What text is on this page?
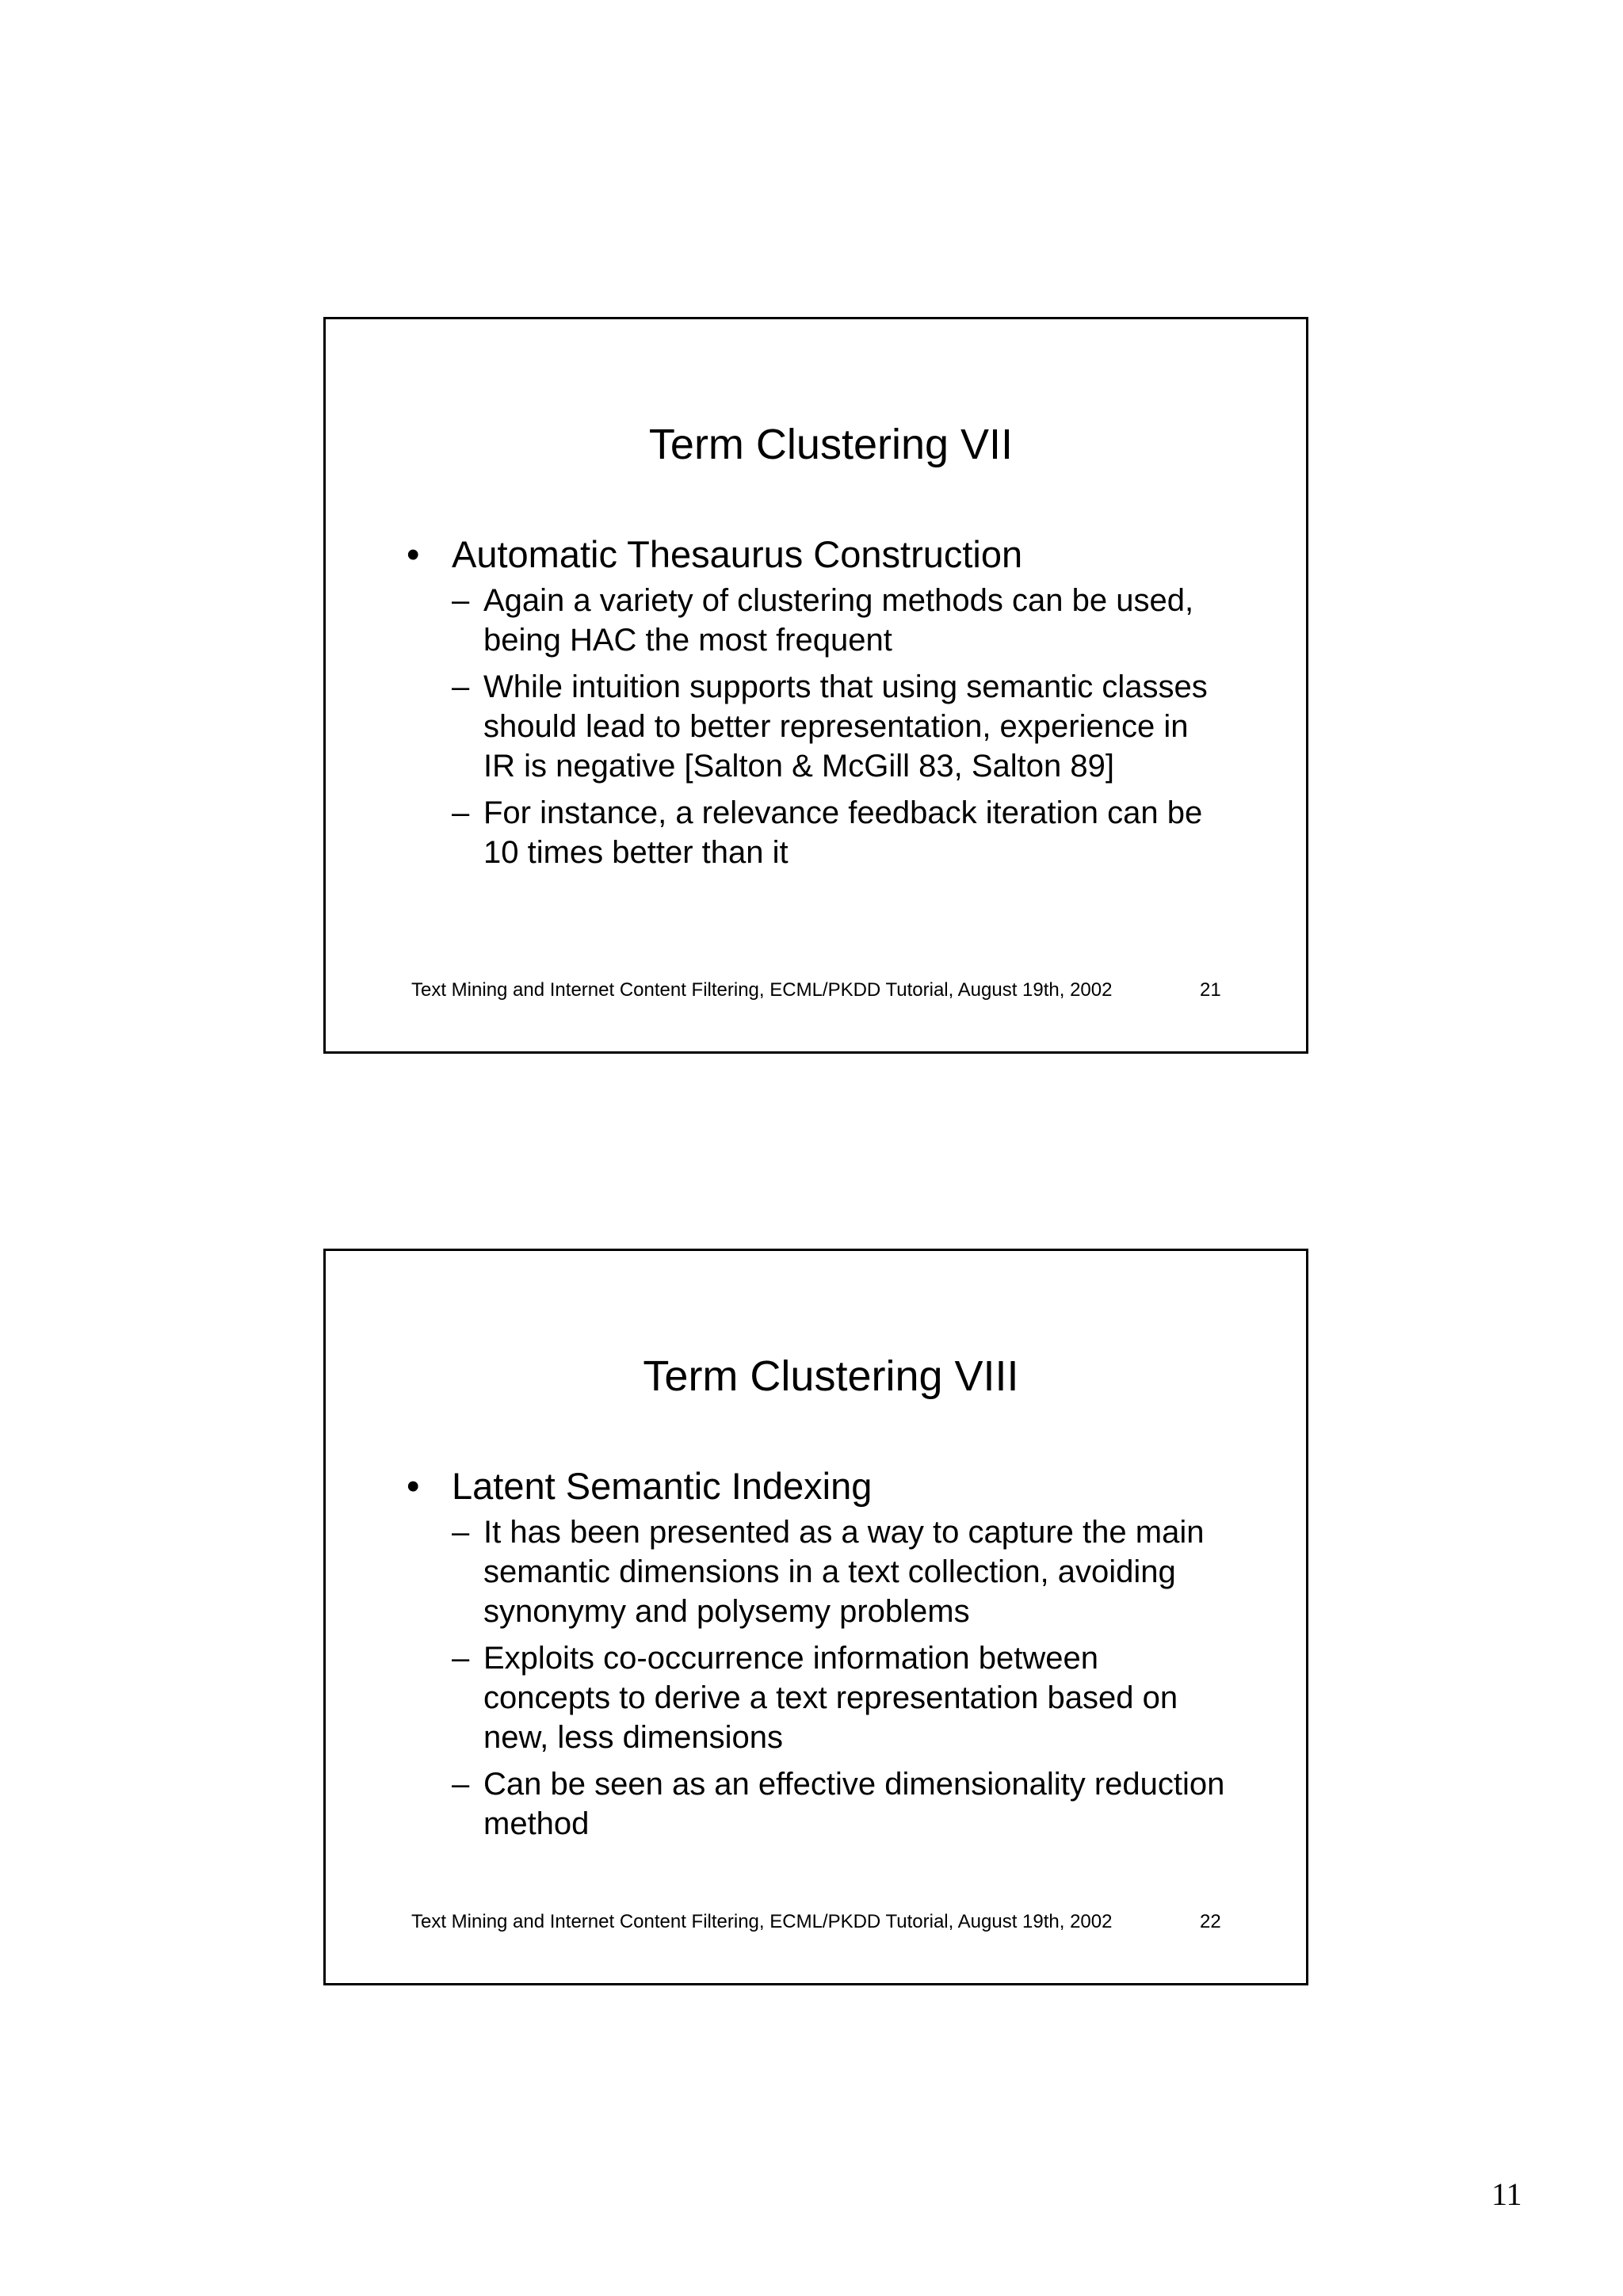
Term Clustering VII
• Automatic Thesaurus Construction
– Again a variety of clustering methods can be used, being HAC the most frequent
– While intuition supports that using semantic classes should lead to better representation, experience in IR is negative [Salton & McGill 83, Salton 89]
– For instance, a relevance feedback iteration can be 10 times better than it
Text Mining and Internet Content Filtering, ECML/PKDD Tutorial, August 19th, 2002	21
Term Clustering VIII
• Latent Semantic Indexing
– It has been presented as a way to capture the main semantic dimensions in a text collection, avoiding synonymy and polysemy problems
– Exploits co-occurrence information between concepts to derive a text representation based on new, less dimensions
– Can be seen as an effective dimensionality reduction method
Text Mining and Internet Content Filtering, ECML/PKDD Tutorial, August 19th, 2002	22
11
